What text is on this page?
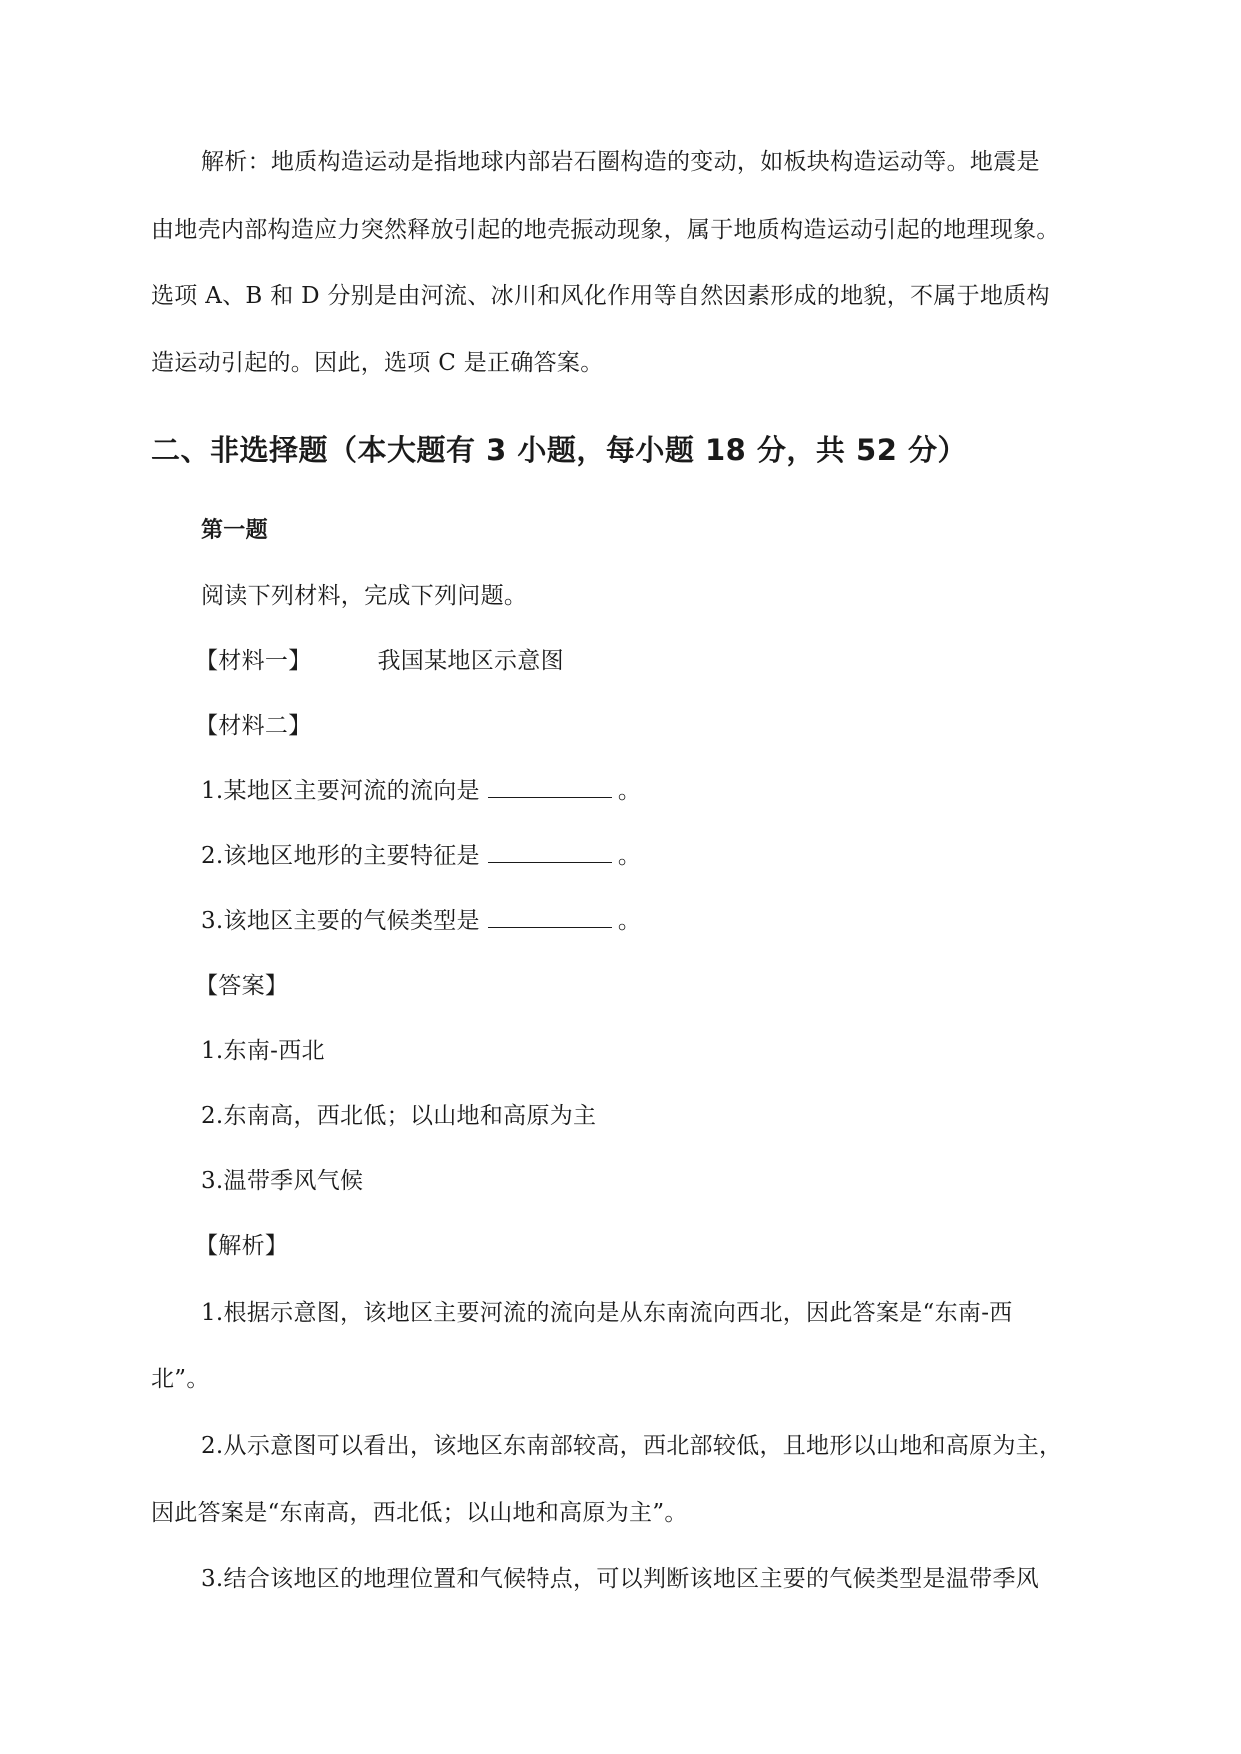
解析：地质构造运动是指地球内部岩石圈构造的变动，如板块构造运动等。地震是
由地壳内部构造应力突然释放引起的地壳振动现象，属于地质构造运动引起的地理现象。
选项 A、B 和 D 分别是由河流、冰川和风化作用等自然因素形成的地貌，不属于地质构
造运动引起的。因此，选项 C 是正确答案。
二、非选择题（本大题有 3 小题，每小题 18 分，共 52 分）
第一题
阅读下列材料，完成下列问题。
【材料一】	我国某地区示意图
【材料二】
1.某地区主要河流的流向是	。
2.该地区地形的主要特征是	。
3.该地区主要的气候类型是	。
【答案】
1.东南-西北
2.东南高，西北低；以山地和高原为主
3.温带季风气候
【解析】
1.根据示意图，该地区主要河流的流向是从东南流向西北，因此答案是“东南-西
北”。
2.从示意图可以看出，该地区东南部较高，西北部较低，且地形以山地和高原为主，
因此答案是“东南高，西北低；以山地和高原为主”。
3.结合该地区的地理位置和气候特点，可以判断该地区主要的气候类型是温带季风
